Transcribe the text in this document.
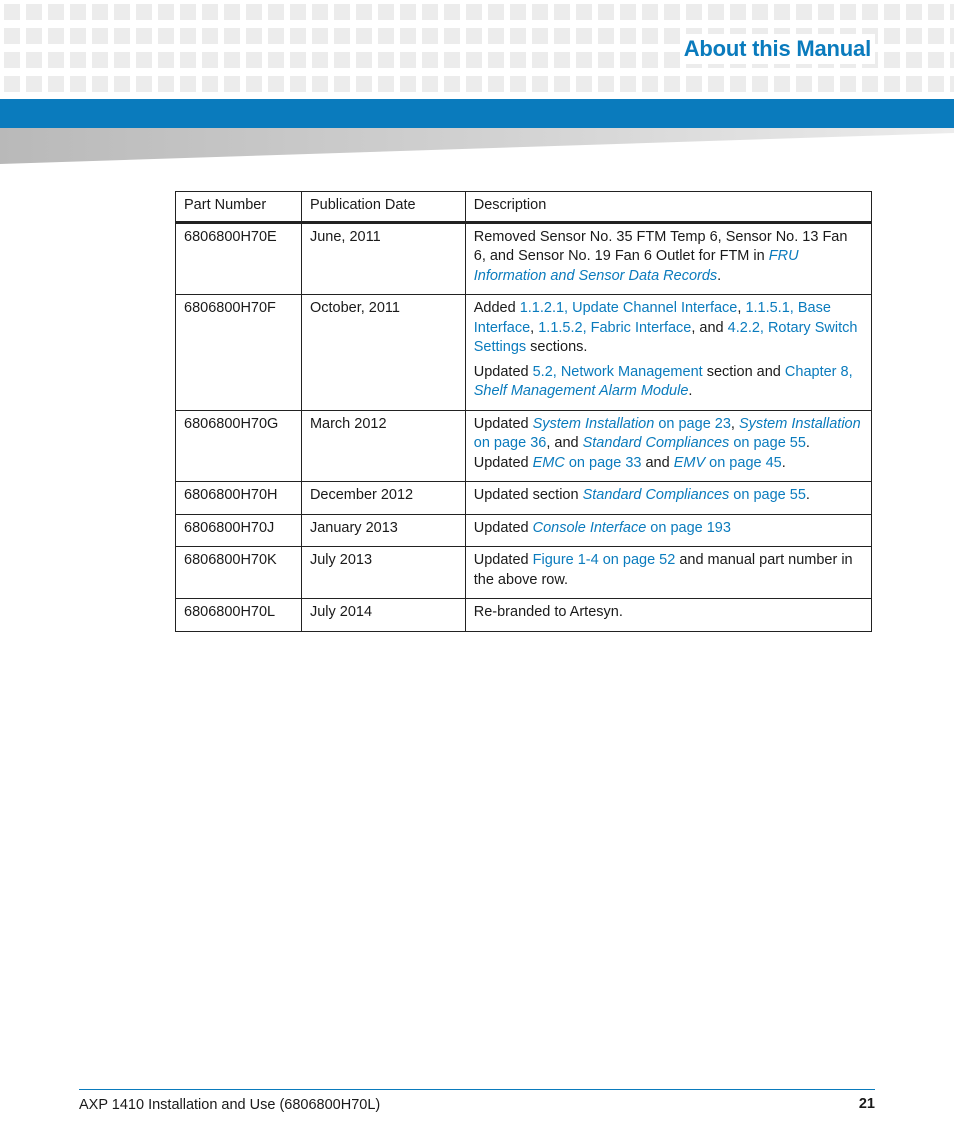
About this Manual
Part Number	Publication Date	Description
6806800H70E	June, 2011	Removed Sensor No. 35 FTM Temp 6, Sensor No. 13 Fan 6, and Sensor No. 19 Fan 6 Outlet for FTM in FRU Information and Sensor Data Records.

6806800H70F	October, 2011	Added 1.1.2.1, Update Channel Interface, 1.1.5.1, Base Interface, 1.1.5.2, Fabric Interface, and 4.2.2, Rotary Switch Settings sections.
Updated 5.2, Network Management section and Chapter 8, Shelf Management Alarm Module.

6806800H70G	March 2012	Updated System Installation on page 23, System Installation on page 36, and Standard Compliances on page 55. Updated EMC on page 33 and EMV on page 45.

6806800H70H	December 2012	Updated section Standard Compliances on page 55.

6806800H70J	January 2013	Updated Console Interface on page 193

6806800H70K	July 2013	Updated Figure 1-4 on page 52 and manual part number in the above row.

6806800H70L	July 2014	Re-branded to Artesyn.
AXP 1410 Installation and Use (6806800H70L)	21
